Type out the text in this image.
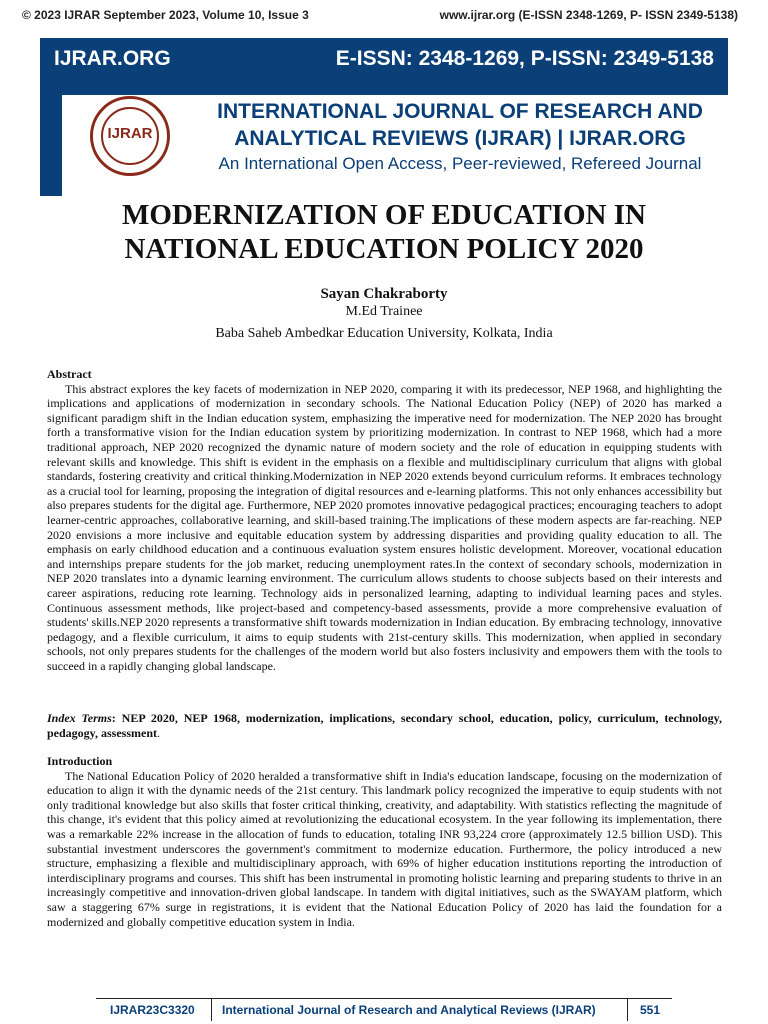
© 2023 IJRAR September 2023, Volume 10, Issue 3	www.ijrar.org (E-ISSN 2348-1269, P- ISSN 2349-5138)
IJRAR.ORG	E-ISSN: 2348-1269, P-ISSN: 2349-5138
IJRAR
INTERNATIONAL JOURNAL OF RESEARCH AND
ANALYTICAL REVIEWS (IJRAR) | IJRAR.ORG
An International Open Access, Peer-reviewed, Refereed Journal
MODERNIZATION OF EDUCATION IN
NATIONAL EDUCATION POLICY 2020
Sayan Chakraborty
M.Ed Trainee
Baba Saheb Ambedkar Education University, Kolkata, India
Abstract

This abstract explores the key facets of modernization in NEP 2020, comparing it with its predecessor, NEP 1968, and highlighting the implications and applications of modernization in secondary schools. The National Education Policy (NEP) of 2020 has marked a significant paradigm shift in the Indian education system, emphasizing the imperative need for modernization. The NEP 2020 has brought forth a transformative vision for the Indian education system by prioritizing modernization. In contrast to NEP 1968, which had a more traditional approach, NEP 2020 recognized the dynamic nature of modern society and the role of education in equipping students with relevant skills and knowledge. This shift is evident in the emphasis on a flexible and multidisciplinary curriculum that aligns with global standards, fostering creativity and critical thinking.Modernization in NEP 2020 extends beyond curriculum reforms. It embraces technology as a crucial tool for learning, proposing the integration of digital resources and e-learning platforms. This not only enhances accessibility but also prepares students for the digital age. Furthermore, NEP 2020 promotes innovative pedagogical practices; encouraging teachers to adopt learner-centric approaches, collaborative learning, and skill-based training.The implications of these modern aspects are far-reaching. NEP 2020 envisions a more inclusive and equitable education system by addressing disparities and providing quality education to all. The emphasis on early childhood education and a continuous evaluation system ensures holistic development. Moreover, vocational education and internships prepare students for the job market, reducing unemployment rates.In the context of secondary schools, modernization in NEP 2020 translates into a dynamic learning environment. The curriculum allows students to choose subjects based on their interests and career aspirations, reducing rote learning. Technology aids in personalized learning, adapting to individual learning paces and styles. Continuous assessment methods, like project-based and competency-based assessments, provide a more comprehensive evaluation of students' skills.NEP 2020 represents a transformative shift towards modernization in Indian education. By embracing technology, innovative pedagogy, and a flexible curriculum, it aims to equip students with 21st-century skills. This modernization, when applied in secondary schools, not only prepares students for the challenges of the modern world but also fosters inclusivity and empowers them with the tools to succeed in a rapidly changing global landscape.

Index Terms: NEP 2020, NEP 1968, modernization, implications, secondary school, education, policy, curriculum, technology, pedagogy, assessment.
Introduction

The National Education Policy of 2020 heralded a transformative shift in India's education landscape, focusing on the modernization of education to align it with the dynamic needs of the 21st century. This landmark policy recognized the imperative to equip students with not only traditional knowledge but also skills that foster critical thinking, creativity, and adaptability. With statistics reflecting the magnitude of this change, it's evident that this policy aimed at revolutionizing the educational ecosystem. In the year following its implementation, there was a remarkable 22% increase in the allocation of funds to education, totaling INR 93,224 crore (approximately 12.5 billion USD). This substantial investment underscores the government's commitment to modernize education. Furthermore, the policy introduced a new structure, emphasizing a flexible and multidisciplinary approach, with 69% of higher education institutions reporting the introduction of interdisciplinary programs and courses. This shift has been instrumental in promoting holistic learning and preparing students to thrive in an increasingly competitive and innovation-driven global landscape. In tandem with digital initiatives, such as the SWAYAM platform, which saw a staggering 67% surge in registrations, it is evident that the National Education Policy of 2020 has laid the foundation for a modernized and globally competitive education system in India.

IJRAR23C3320	International Journal of Research and Analytical Reviews (IJRAR)	551
